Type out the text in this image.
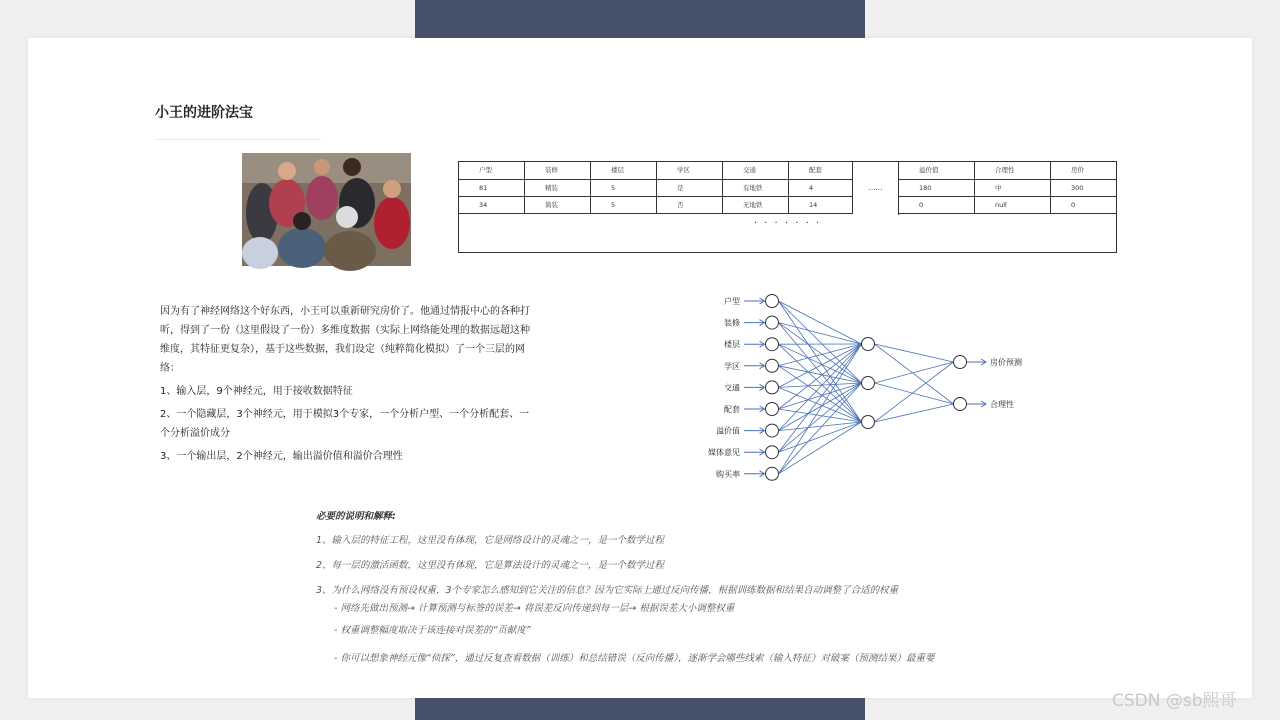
小王的进阶法宝
户型	装修	楼层	学区	交通	配套	溢价值	合理性	房价
81	精装	5	是	有地铁	4	180	中	300
34	简装	5	否	无地铁	14	0	null	0
……
· · · · · · ·

因为有了神经网络这个好东西，小王可以重新研究房价了。他通过情报中心的各种打听，得到了一份（这里假设了一份）多维度数据（实际上网络能处理的数据远超这种维度，其特征更复杂），基于这些数据，我们设定（纯粹简化模拟）了一个三层的网络：

1、输入层，9个神经元，用于接收数据特征

2、一个隐藏层，3个神经元，用于模拟3个专家，一个分析户型、一个分析配套、一个分析溢价成分

3、一个输出层，2个神经元，输出溢价值和溢价合理性

户型
装修
楼层
学区
交通
配套
溢价值
媒体意见
购买率
房价预测
合理性
必要的说明和解释:
1、输入层的特征工程，这里没有体现，它是网络设计的灵魂之一，是一个数学过程
2、每一层的激活函数，这里没有体现，它是算法设计的灵魂之一，是一个数学过程
3、为什么网络没有预设权重，3个专家怎么感知到它关注的信息？因为它实际上通过反向传播，根据训练数据和结果自动调整了合适的权重
- 网络先做出预测→ 计算预测与标签的误差→ 将误差反向传递到每一层→ 根据误差大小调整权重
- 权重调整幅度取决于该连接对误差的“贡献度”
- 你可以想象神经元像“侦探”，通过反复查看数据（训练）和总结错误（反向传播），逐渐学会哪些线索（输入特征）对破案（预测结果）最重要
CSDN @sb熙哥
